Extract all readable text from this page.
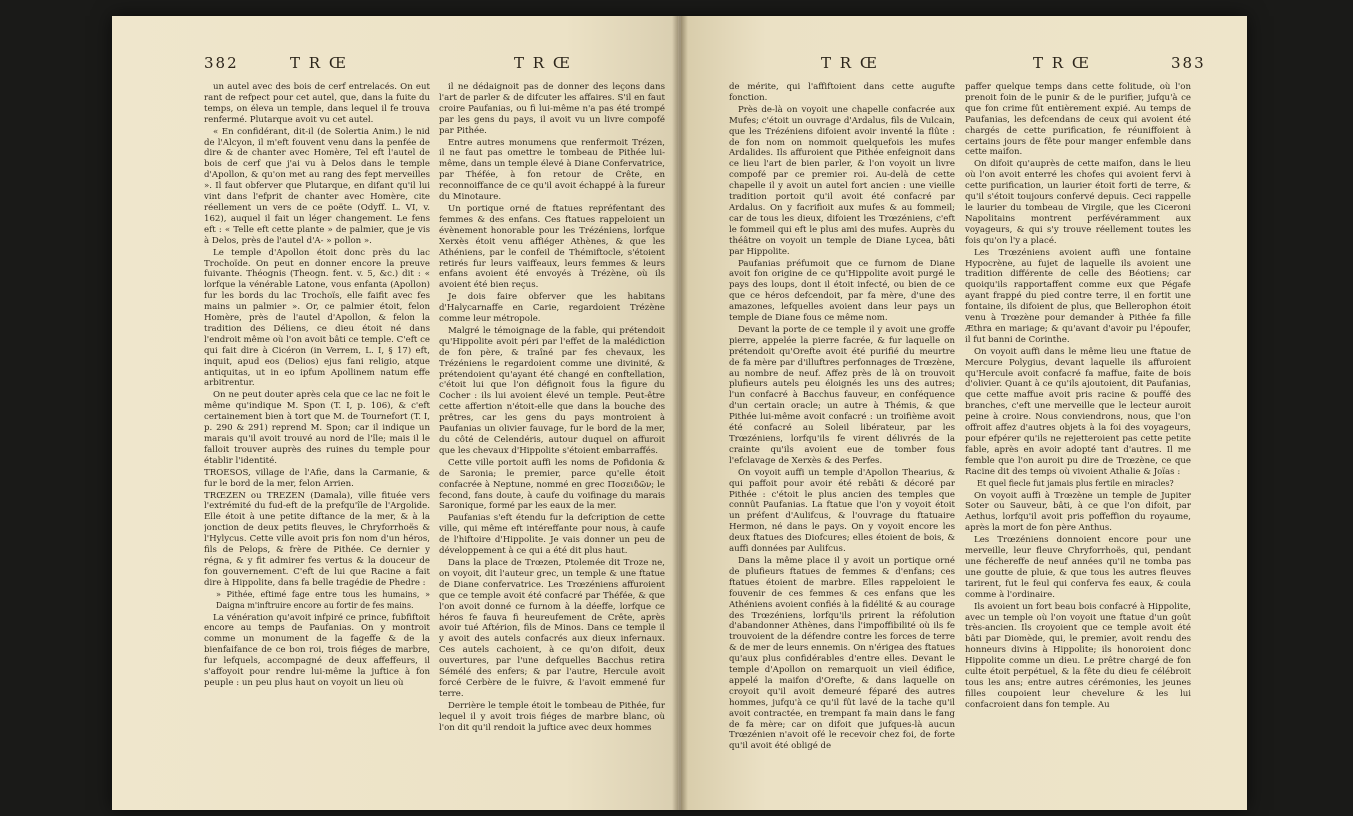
382	T R Œ	T R Œ

un autel avec des bois de cerf entrelacés. On eut rant de refpect pour cet autel, que, dans la fuite du temps, on éleva un temple, dans lequel il fe trouva renfermé. Plutarque avoit vu cet autel.

« En confidérant, dit-il (de Solertia Anim.) le nid de l'Alcyon, il m'eft fouvent venu dans la penfée de dire & de chanter avec Homère, Tel eft l'autel de bois de cerf que j'ai vu à Delos dans le temple d'Apollon, & qu'on met au rang des fept merveilles ». Il faut obferver que Plutarque, en difant qu'il lui vint dans l'efprit de chanter avec Homère, cite réellement un vers de ce poëte (Odyff. L. VI, v. 162), auquel il fait un léger changement. Le fens eft : « Telle eft cette plante » de palmier, que je vis à Delos, près de l'autel d'A- » pollon ».

Le temple d'Apollon étoit donc près du lac Trochoïde. On peut en donner encore la preuve fuivante. Théognis (Theogn. fent. v. 5, &c.) dit : « lorfque la vénérable Latone, vous enfanta (Apollon) fur les bords du lac Trochoïs, elle faifit avec fes mains un palmier ». Or, ce palmier étoit, felon Homère, près de l'autel d'Apollon, & felon la tradition des Déliens, ce dieu étoit né dans l'endroit même où l'on avoit bâti ce temple. C'eft ce qui fait dire à Cicéron (in Verrem, L. I, § 17) eft, inquit, apud eos (Delios) ejus fani religio, atque antiquitas, ut in eo ipfum Apollinem natum effe arbitrentur.

On ne peut douter après cela que ce lac ne foit le même qu'indique M. Spon (T. I, p. 106), & c'eft certainement bien à tort que M. de Tournefort (T. I, p. 290 & 291) reprend M. Spon; car il indique un marais qu'il avoit trouvé au nord de l'île; mais il le falloit trouver auprès des ruines du temple pour établir l'identité.

TROESOS, village de l'Afie, dans la Carmanie, & fur le bord de la mer, felon Arrien.

TRŒZEN ou TREZEN (Damala), ville fituée vers l'extrémité du fud-eft de la prefqu'île de l'Argolide. Elle étoit à une petite diftance de la mer, & à la jonction de deux petits fleuves, le Chryforrhoës & l'Hylycus. Cette ville avoit pris fon nom d'un héros, fils de Pelops, & frère de Pithée. Ce dernier y régna, & y fit admirer fes vertus & la douceur de fon gouvernement. C'eft de lui que Racine a fait dire à Hippolite, dans fa belle tragédie de Phedre :

» Pithée, eftimé fage entre tous les humains, » Daigna m'inftruire encore au fortir de fes mains.

La vénération qu'avoit infpiré ce prince, fubfiftoit encore au temps de Paufanias. On y montroit comme un monument de la fageffe & de la bienfaifance de ce bon roi, trois fiéges de marbre, fur lefquels, accompagné de deux affeffeurs, il s'affoyoit pour rendre lui-même la juftice à fon peuple : un peu plus haut on voyoit un lieu où

il ne dédaignoit pas de donner des leçons dans l'art de parler & de difcuter les affaires. S'il en faut croire Paufanias, ou fi lui-même n'a pas été trompé par les gens du pays, il avoit vu un livre compofé par Pithée.

Entre autres monumens que renfermoit Trézen, il ne faut pas omettre le tombeau de Pithée lui-même, dans un temple élevé à Diane Confervatrice, par Théfée, à fon retour de Crête, en reconnoiffance de ce qu'il avoit échappé à la fureur du Minotaure.

Un portique orné de ftatues repréfentant des femmes & des enfans. Ces ftatues rappeloient un évènement honorable pour les Trézéniens, lorfque Xerxès étoit venu affiéger Athènes, & que les Athéniens, par le confeil de Thémiftocle, s'étoient retirés fur leurs vaiffeaux, leurs femmes & leurs enfans avoient été envoyés à Trézène, où ils avoient été bien reçus.

Je dois faire obferver que les habitans d'Halycarnaffe en Carie, regardoient Trézène comme leur métropole.

Malgré le témoignage de la fable, qui prétendoit qu'Hippolite avoit péri par l'effet de la malédiction de fon père, & traîné par fes chevaux, les Trézéniens le regardoient comme une divinité, & prétendoient qu'ayant été changé en conftellation, c'étoit lui que l'on défignoit fous la figure du Cocher : ils lui avoient élevé un temple. Peut-être cette affertion n'étoit-elle que dans la bouche des prêtres, car les gens du pays montroient à Paufanias un olivier fauvage, fur le bord de la mer, du côté de Celendéris, autour duquel on affuroit que les chevaux d'Hippolite s'étoient embarraffés.

Cette ville portoit auffi les noms de Pofidonia & de Saronia; le premier, parce qu'elle étoit confacrée à Neptune, nommé en grec Ποσειδῶν; le fecond, fans doute, à caufe du voifinage du marais Saronique, formé par les eaux de la mer.

Paufanias s'eft étendu fur la defcription de cette ville, qui même eft intéreffante pour nous, à caufe de l'hiftoire d'Hippolite. Je vais donner un peu de développement à ce qui a été dit plus haut.

Dans la place de Trœzen, Ptolemée dit Troze ne, on voyoit, dit l'auteur grec, un temple & une ftatue de Diane confervatrice. Les Trœzéniens affuroient que ce temple avoit été confacré par Théfée, & que l'on avoit donné ce furnom à la déeffe, lorfque ce héros fe fauva fi heureufement de Crête, après avoir tué Aftérion, fils de Minos. Dans ce temple il y avoit des autels confacrés aux dieux infernaux. Ces autels cachoient, à ce qu'on difoit, deux ouvertures, par l'une defquelles Bacchus retira Sémélé des enfers; & par l'autre, Hercule avoit forcé Cerbère de le fuivre, & l'avoit emmené fur terre.

Derrière le temple étoit le tombeau de Pithée, fur lequel il y avoit trois fiéges de marbre blanc, où l'on dit qu'il rendoit la juftice avec deux hommes

T R Œ	T R Œ	383

de mérite, qui l'affiftoient dans cette augufte fonction.

Près de-là on voyoit une chapelle confacrée aux Mufes; c'étoit un ouvrage d'Ardalus, fils de Vulcain, que les Trézéniens difoient avoir inventé la flûte : de fon nom on nommoit quelquefois les mufes Ardalides. Ils affuroient que Pithée enfeignoit dans ce lieu l'art de bien parler, & l'on voyoit un livre compofé par ce premier roi. Au-delà de cette chapelle il y avoit un autel fort ancien : une vieille tradition portoit qu'il avoit été confacré par Ardalus. On y facrifioit aux mufes & au fommeil; car de tous les dieux, difoient les Trœzéniens, c'eft le fommeil qui eft le plus ami des mufes. Auprès du théâtre on voyoit un temple de Diane Lycea, bâti par Hippolite.

Paufanias préfumoit que ce furnom de Diane avoit fon origine de ce qu'Hippolite avoit purgé le pays des loups, dont il étoit infecté, ou bien de ce que ce héros defcendoit, par fa mère, d'une des amazones, lefquelles avoient dans leur pays un temple de Diane fous ce même nom.

Devant la porte de ce temple il y avoit une groffe pierre, appelée la pierre facrée, & fur laquelle on prétendoit qu'Orefte avoit été purifié du meurtre de fa mère par d'illuftres perfonnages de Trœzène, au nombre de neuf. Affez près de là on trouvoit plufieurs autels peu éloignés les uns des autres; l'un confacré à Bacchus fauveur, en conféquence d'un certain oracle; un autre à Thémis, & que Pithée lui-même avoit confacré : un troifième avoit été confacré au Soleil libérateur, par les Trœzéniens, lorfqu'ils fe virent délivrés de la crainte qu'ils avoient eue de tomber fous l'efclavage de Xerxès & des Perfes.

On voyoit auffi un temple d'Apollon Thearius, & qui paffoit pour avoir été rebâti & décoré par Pithée : c'étoit le plus ancien des temples que connût Paufanias. La ftatue que l'on y voyoit étoit un préfent d'Aulifcus, & l'ouvrage du ftatuaire Hermon, né dans le pays. On y voyoit encore les deux ftatues des Diofcures; elles étoient de bois, & auffi données par Aulifcus.

Dans la même place il y avoit un portique orné de plufieurs ftatues de femmes & d'enfans; ces ftatues étoient de marbre. Elles rappeloient le fouvenir de ces femmes & ces enfans que les Athéniens avoient confiés à la fidélité & au courage des Trœzéniens, lorfqu'ils prirent la réfolution d'abandonner Athènes, dans l'impoffibilité où ils fe trouvoient de la défendre contre les forces de terre & de mer de leurs ennemis. On n'érigea des ftatues qu'aux plus confidérables d'entre elles. Devant le temple d'Apollon on remarquoit un vieil édifice, appelé la maifon d'Orefte, & dans laquelle on croyoit qu'il avoit demeuré féparé des autres hommes, jufqu'à ce qu'il fût lavé de la tache qu'il avoit contractée, en trempant fa main dans le fang de fa mère; car on difoit que jufques-là aucun Trœzénien n'avoit ofé le recevoir chez foi, de forte qu'il avoit été obligé de

paffer quelque temps dans cette folitude, où l'on prenoit foin de le punir & de le purifier, jufqu'à ce que fon crime fût entièrement expié. Au temps de Paufanias, les defcendans de ceux qui avoient été chargés de cette purification, fe réuniffoient à certains jours de fête pour manger enfemble dans cette maifon.

On difoit qu'auprès de cette maifon, dans le lieu où l'on avoit enterré les chofes qui avoient fervi à cette purification, un laurier étoit forti de terre, & qu'il s'étoit toujours confervé depuis. Ceci rappelle le laurier du tombeau de Virgile, que les Ciceroni Napolitains montrent perfévéramment aux voyageurs, & qui s'y trouve réellement toutes les fois qu'on l'y a placé.

Les Trœzéniens avoient auffi une fontaine Hypocrène, au fujet de laquelle ils avoient une tradition différente de celle des Béotiens; car quoiqu'ils rapportaffent comme eux que Pégafe ayant frappé du pied contre terre, il en fortit une fontaine, ils difoient de plus, que Bellerophon étoit venu à Trœzène pour demander à Pithée fa fille Æthra en mariage; & qu'avant d'avoir pu l'époufer, il fut banni de Corinthe.

On voyoit auffi dans le même lieu une ftatue de Mercure Polygius, devant laquelle ils affuroient qu'Hercule avoit confacré fa maffue, faite de bois d'olivier. Quant à ce qu'ils ajoutoient, dit Paufanias, que cette maffue avoit pris racine & pouffé des branches, c'eft une merveille que le lecteur auroit peine à croire. Nous conviendrons, nous, que l'on offroit affez d'autres objets à la foi des voyageurs, pour efpérer qu'ils ne rejetteroient pas cette petite fable, après en avoir adopté tant d'autres. Il me femble que l'on auroit pu dire de Trœzène, ce que Racine dit des temps où vivoient Athalie & Joïas :

Et quel fiecle fut jamais plus fertile en miracles?

On voyoit auffi à Trœzène un temple de Jupiter Soter ou Sauveur, bâti, à ce que l'on difoit, par Aethus, lorfqu'il avoit pris poffeffion du royaume, après la mort de fon père Anthus.

Les Trœzéniens donnoient encore pour une merveille, leur fleuve Chryforrhoës, qui, pendant une féchereffe de neuf années qu'il ne tomba pas une goutte de pluie, & que tous les autres fleuves tarirent, fut le feul qui conferva fes eaux, & coula comme à l'ordinaire.

Ils avoient un fort beau bois confacré à Hippolite, avec un temple où l'on voyoit une ftatue d'un goût très-ancien. Ils croyoient que ce temple avoit été bâti par Diomède, qui, le premier, avoit rendu des honneurs divins à Hippolite; ils honoroient donc Hippolite comme un dieu. Le prêtre chargé de fon culte étoit perpétuel, & la fête du dieu fe célébroit tous les ans; entre autres cérémonies, les jeunes filles coupoient leur chevelure & les lui confacroient dans fon temple. Au
